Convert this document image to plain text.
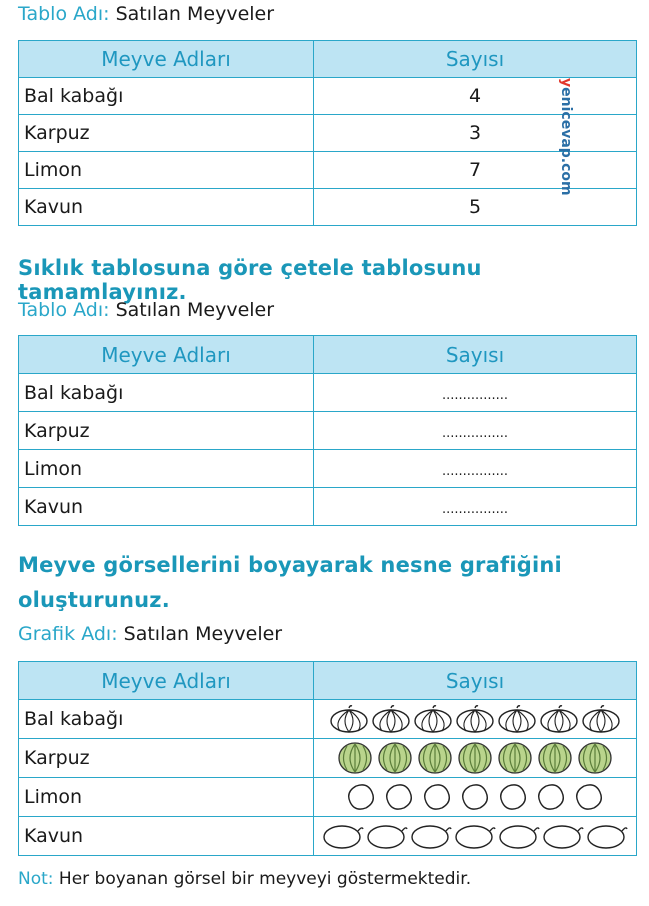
Tablo Adı: Satılan Meyveler
Meyve Adları	Sayısı
Bal kabağı	4
Karpuz	3
Limon	7
Kavun	5
yenicevap.com
Sıklık tablosuna göre çetele tablosunu tamamlayınız.
Tablo Adı: Satılan Meyveler
Meyve Adları	Sayısı
Bal kabağı	................
Karpuz	................
Limon	................
Kavun	................
Meyve görsellerini boyayarak nesne grafiğini
oluşturunuz.
Grafik Adı: Satılan Meyveler
Meyve Adları	Sayısı
Bal kabağı	

Karpuz	

Limon	

Kavun	
Not: Her boyanan görsel bir meyveyi göstermektedir.
